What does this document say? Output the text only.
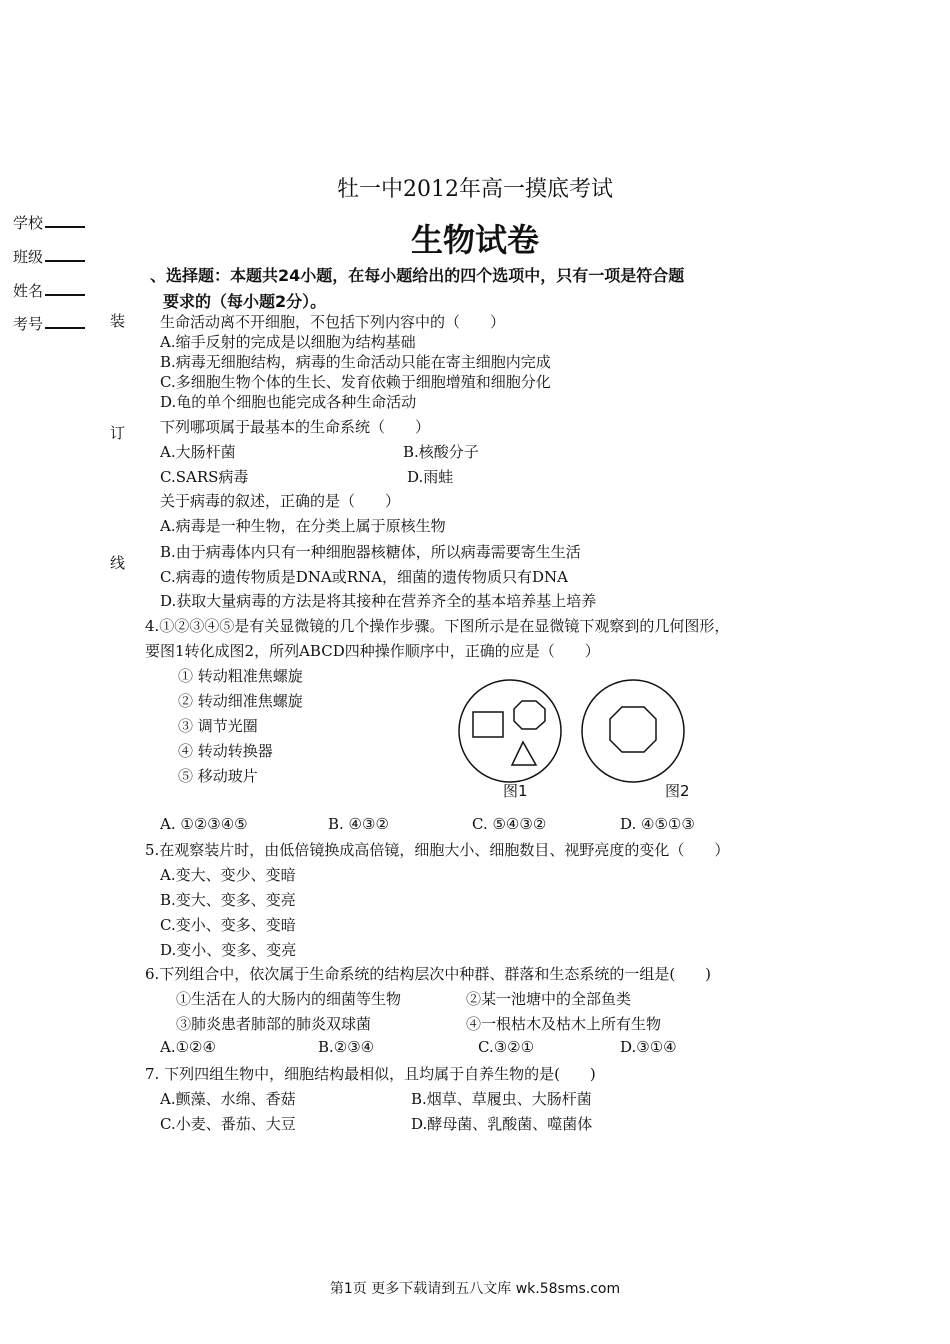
牡一中2012年高一摸底考试
生物试卷
学校
班级
姓名
考号	装
订
线
、选择题：本题共24小题，在每小题给出的四个选项中，只有一项是符合题
要求的（每小题2分）。
生命活动离不开细胞，不包括下列内容中的（　　）
A.缩手反射的完成是以细胞为结构基础
B.病毒无细胞结构，病毒的生命活动只能在寄主细胞内完成
C.多细胞生物个体的生长、发育依赖于细胞增殖和细胞分化
D.龟的单个细胞也能完成各种生命活动
下列哪项属于最基本的生命系统（　　）
A.大肠杆菌	B.核酸分子
C.SARS病毒	D.雨蛙
关于病毒的叙述，正确的是（　　）
A.病毒是一种生物，在分类上属于原核生物
B.由于病毒体内只有一种细胞器核糖体，所以病毒需要寄生生活
C.病毒的遗传物质是DNA或RNA，细菌的遗传物质只有DNA
D.获取大量病毒的方法是将其接种在营养齐全的基本培养基上培养
4.①②③④⑤是有关显微镜的几个操作步骤。下图所示是在显微镜下观察到的几何图形，
要图1转化成图2，所列ABCD四种操作顺序中，正确的应是（　　）
① 转动粗准焦螺旋
② 转动细准焦螺旋
③ 调节光圈
④ 转动转换器
⑤ 移动玻片
图1	图2
A. ①②③④⑤	B. ④③②	C. ⑤④③②	D. ④⑤①③
5.在观察装片时，由低倍镜换成高倍镜，细胞大小、细胞数目、视野亮度的变化（　　）
A.变大、变少、变暗
B.变大、变多、变亮
C.变小、变多、变暗
D.变小、变多、变亮
6.下列组合中，依次属于生命系统的结构层次中种群、群落和生态系统的一组是(　　)
①生活在人的大肠内的细菌等生物	②某一池塘中的全部鱼类
③肺炎患者肺部的肺炎双球菌	④一根枯木及枯木上所有生物
A.①②④	B.②③④	C.③②①	D.③①④
7. 下列四组生物中，细胞结构最相似，且均属于自养生物的是(　　)
A.颤藻、水绵、香菇	B.烟草、草履虫、大肠杆菌
C.小麦、番茄、大豆	D.酵母菌、乳酸菌、噬菌体
第1页 更多下载请到五八文库 wk.58sms.com
